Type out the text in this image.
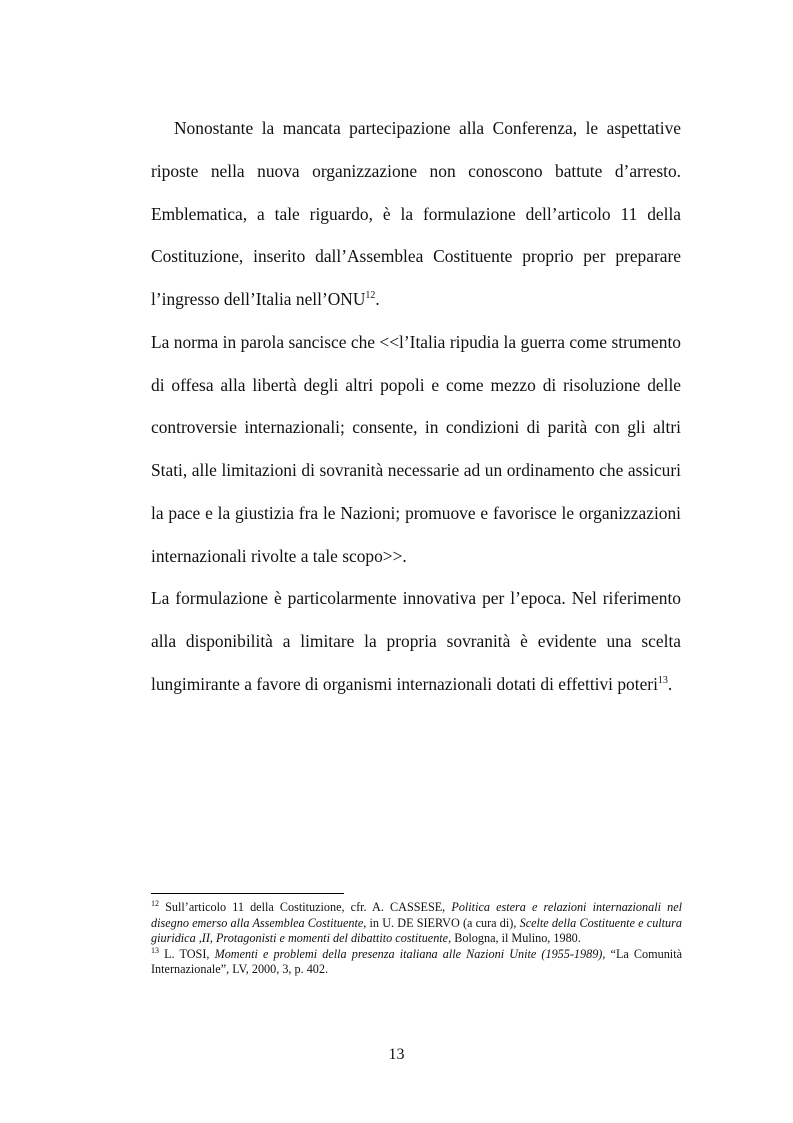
Nonostante la mancata partecipazione alla Conferenza, le aspettative riposte nella nuova organizzazione non conoscono battute d’arresto. Emblematica, a tale riguardo, è la formulazione dell’articolo 11 della Costituzione, inserito dall’Assemblea Costituente proprio per preparare l’ingresso dell’Italia nell’ONU$^{12}$.

La norma in parola sancisce che <<l’Italia ripudia la guerra come strumento di offesa alla libertà degli altri popoli e come mezzo di risoluzione delle controversie internazionali; consente, in condizioni di parità con gli altri Stati, alle limitazioni di sovranità necessarie ad un ordinamento che assicuri la pace e la giustizia fra le Nazioni; promuove e favorisce le organizzazioni internazionali rivolte a tale scopo>>.

La formulazione è particolarmente innovativa per l’epoca. Nel riferimento alla disponibilità a limitare la propria sovranità è evidente una scelta lungimirante a favore di organismi internazionali dotati di effettivi poteri$^{13}$.

$^{12}$ Sull’articolo 11 della Costituzione, cfr. A. CASSESE, Politica estera e relazioni internazionali nel disegno emerso alla Assemblea Costituente, in U. DE SIERVO (a cura di), Scelte della Costituente e cultura giuridica ,II, Protagonisti e momenti del dibattito costituente, Bologna, il Mulino, 1980.

$^{13}$ L. TOSI, Momenti e problemi della presenza italiana alle Nazioni Unite (1955-1989), “La Comunità Internazionale”, LV, 2000, 3, p. 402.

13
